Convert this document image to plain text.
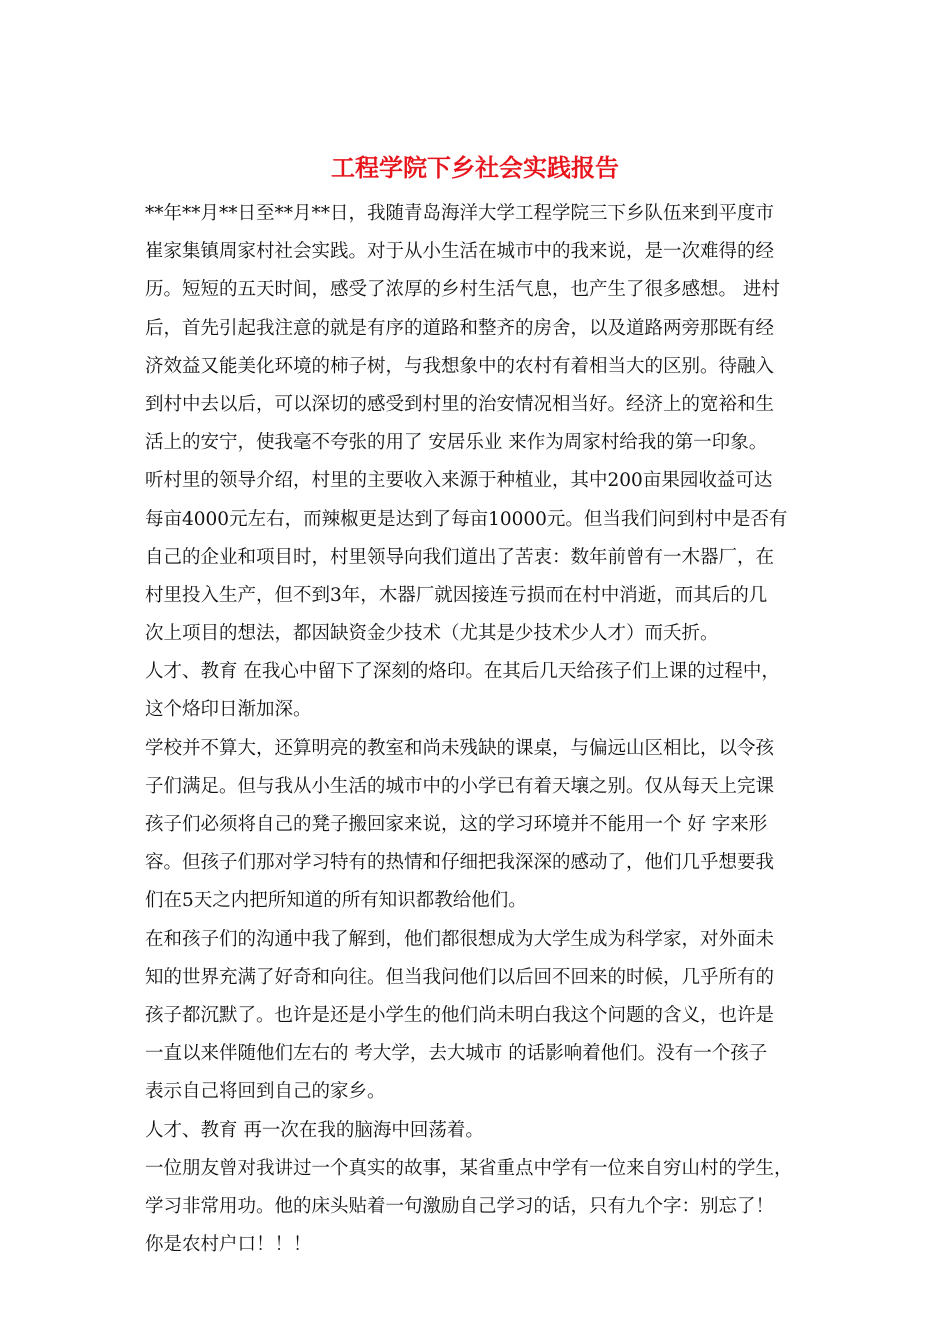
工程学院下乡社会实践报告
**年**月**日至**月**日，我随青岛海洋大学工程学院三下乡队伍来到平度市
崔家集镇周家村社会实践。对于从小生活在城市中的我来说，是一次难得的经
历。短短的五天时间，感受了浓厚的乡村生活气息，也产生了很多感想。 进村
后，首先引起我注意的就是有序的道路和整齐的房舍，以及道路两旁那既有经
济效益又能美化环境的柿子树，与我想象中的农村有着相当大的区别。待融入
到村中去以后，可以深切的感受到村里的治安情况相当好。经济上的宽裕和生
活上的安宁，使我毫不夸张的用了 安居乐业 来作为周家村给我的第一印象。
听村里的领导介绍，村里的主要收入来源于种植业，其中200亩果园收益可达
每亩4000元左右，而辣椒更是达到了每亩10000元。但当我们问到村中是否有
自己的企业和项目时，村里领导向我们道出了苦衷：数年前曾有一木器厂，在
村里投入生产，但不到3年，木器厂就因接连亏损而在村中消逝，而其后的几
次上项目的想法，都因缺资金少技术（尤其是少技术少人才）而夭折。
人才、教育 在我心中留下了深刻的烙印。在其后几天给孩子们上课的过程中，
这个烙印日渐加深。
学校并不算大，还算明亮的教室和尚未残缺的课桌，与偏远山区相比，以令孩
子们满足。但与我从小生活的城市中的小学已有着天壤之别。仅从每天上完课
孩子们必须将自己的凳子搬回家来说，这的学习环境并不能用一个 好 字来形
容。但孩子们那对学习特有的热情和仔细把我深深的感动了，他们几乎想要我
们在5天之内把所知道的所有知识都教给他们。
在和孩子们的沟通中我了解到，他们都很想成为大学生成为科学家，对外面未
知的世界充满了好奇和向往。但当我问他们以后回不回来的时候，几乎所有的
孩子都沉默了。也许是还是小学生的他们尚未明白我这个问题的含义，也许是
一直以来伴随他们左右的 考大学，去大城市 的话影响着他们。没有一个孩子
表示自己将回到自己的家乡。
人才、教育 再一次在我的脑海中回荡着。
一位朋友曾对我讲过一个真实的故事，某省重点中学有一位来自穷山村的学生，
学习非常用功。他的床头贴着一句激励自己学习的话，只有九个字：别忘了！
你是农村户口！！！
